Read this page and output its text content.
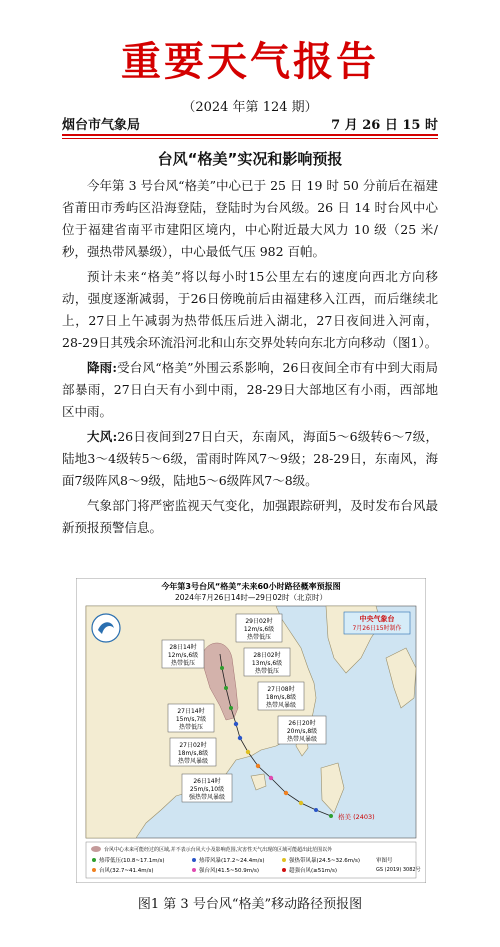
重要天气报告
（2024 年第 124 期）
烟台市气象局	7 月 26 日 15 时
台风“格美”实况和影响预报

今年第 3 号台风“格美”中心已于 25 日 19 时 50 分前后在福建省莆田市秀屿区沿海登陆，登陆时为台风级。26 日 14 时台风中心位于福建省南平市建阳区境内，中心附近最大风力 10 级（25 米/秒，强热带风暴级），中心最低气压 982 百帕。

预计未来“格美”将以每小时15公里左右的速度向西北方向移动，强度逐渐减弱，于26日傍晚前后由福建移入江西，而后继续北上，27日上午减弱为热带低压后进入湖北，27日夜间进入河南，28-29日其残余环流沿河北和山东交界处转向东北方向移动（图1）。

降雨:受台风“格美”外围云系影响，26日夜间全市有中到大雨局部暴雨，27日白天有小到中雨，28-29日大部地区有小雨，西部地区中雨。

大风:26日夜间到27日白天，东南风，海面5～6级转6～7级，陆地3～4级转5～6级，雷雨时阵风7～9级；28-29日，东南风，海面7级阵风8～9级，陆地5～6级阵风7～8级。

气象部门将严密监视天气变化，加强跟踪研判，及时发布台风最新预报预警信息。

今年第3号台风“格美”未来60小时路径概率预报图
2024年7月26日14时—29日02时（北京时）
中央气象台
7月26日15时制作
格美 (2403)
29日02时
12m/s,6级
热带低压
28日14时
12m/s,6级
热带低压
28日02时
13m/s,6级
热带低压
27日08时
18m/s,8级
热带风暴级
27日14时
15m/s,7级
热带低压
26日20时
20m/s,8级
热带风暴级
27日02时
18m/s,8级
热带风暴级
26日14时
25m/s,10级
强热带风暴级
台风中心未来可能经过的区域,并不表示台风大小及影响范围,灾害性天气出现的区域可能超出此范围以外
热带低压(10.8~17.1m/s)	热带风暴(17.2~24.4m/s)	强热带风暴(24.5~32.6m/s)
台风(32.7~41.4m/s)	强台风(41.5~50.9m/s)	超强台风(≥51m/s)
审图号
GS (2019) 3082号
图1 第 3 号台风“格美”移动路径预报图
